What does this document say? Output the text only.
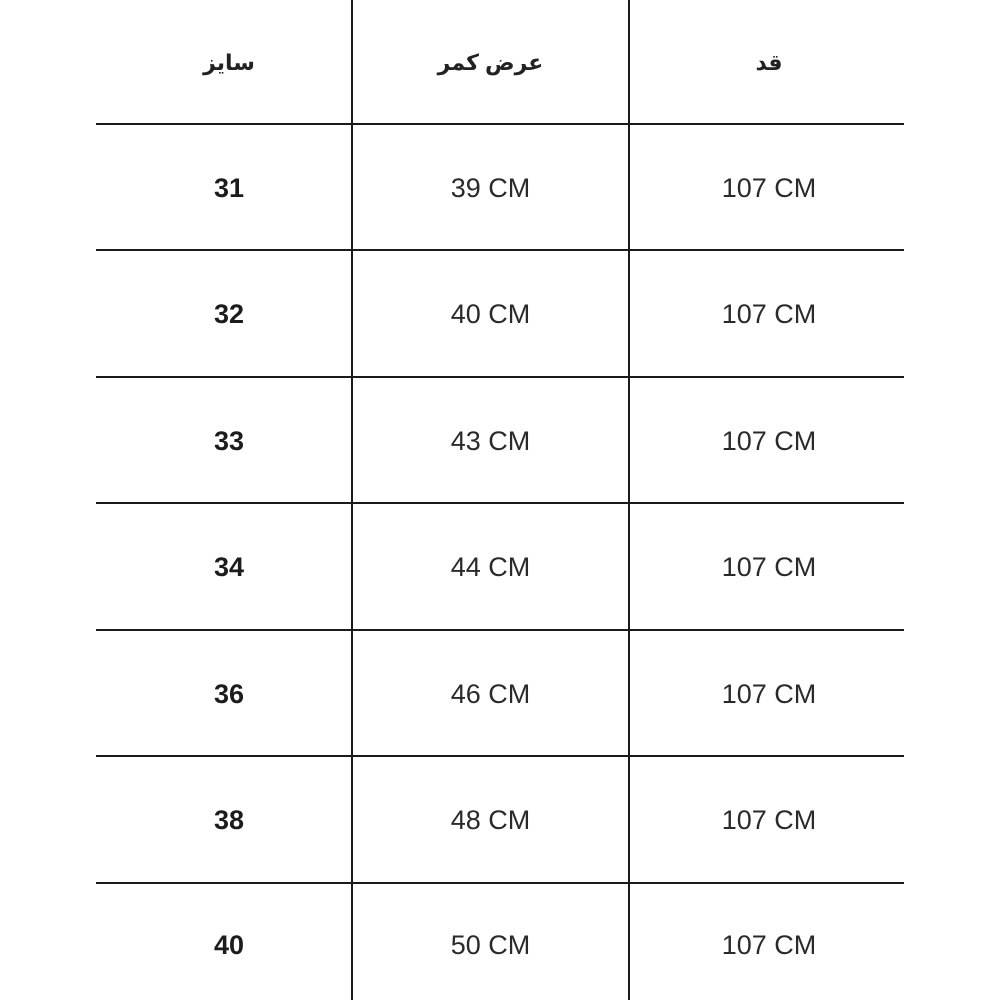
سایز	عرض کمر	قد
31	39 CM	107 CM
32	40 CM	107 CM
33	43 CM	107 CM
34	44 CM	107 CM
36	46 CM	107 CM
38	48 CM	107 CM
40	50 CM	107 CM
